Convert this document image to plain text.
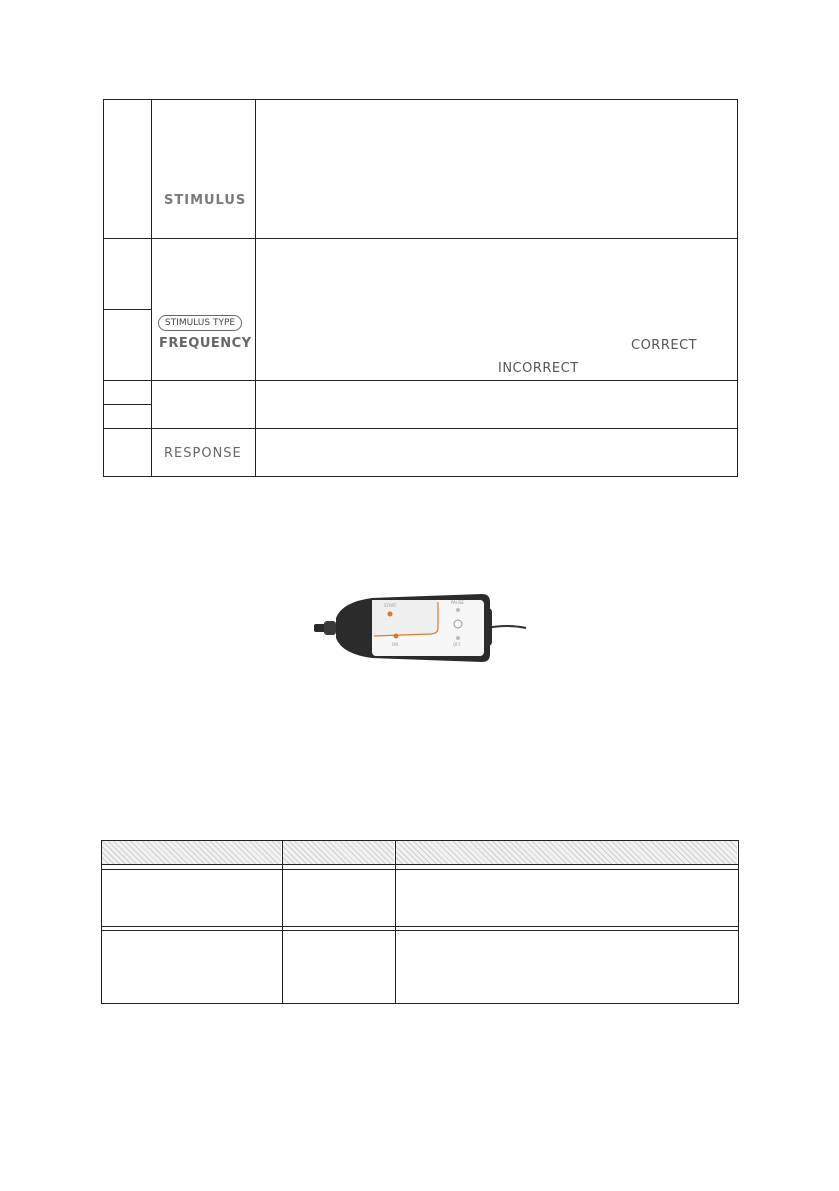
STIMULUS
STIMULUS TYPE
FREQUENCY	CORRECT
INCORRECT
RESPONSE
START
PAUSE
ON	OFF
